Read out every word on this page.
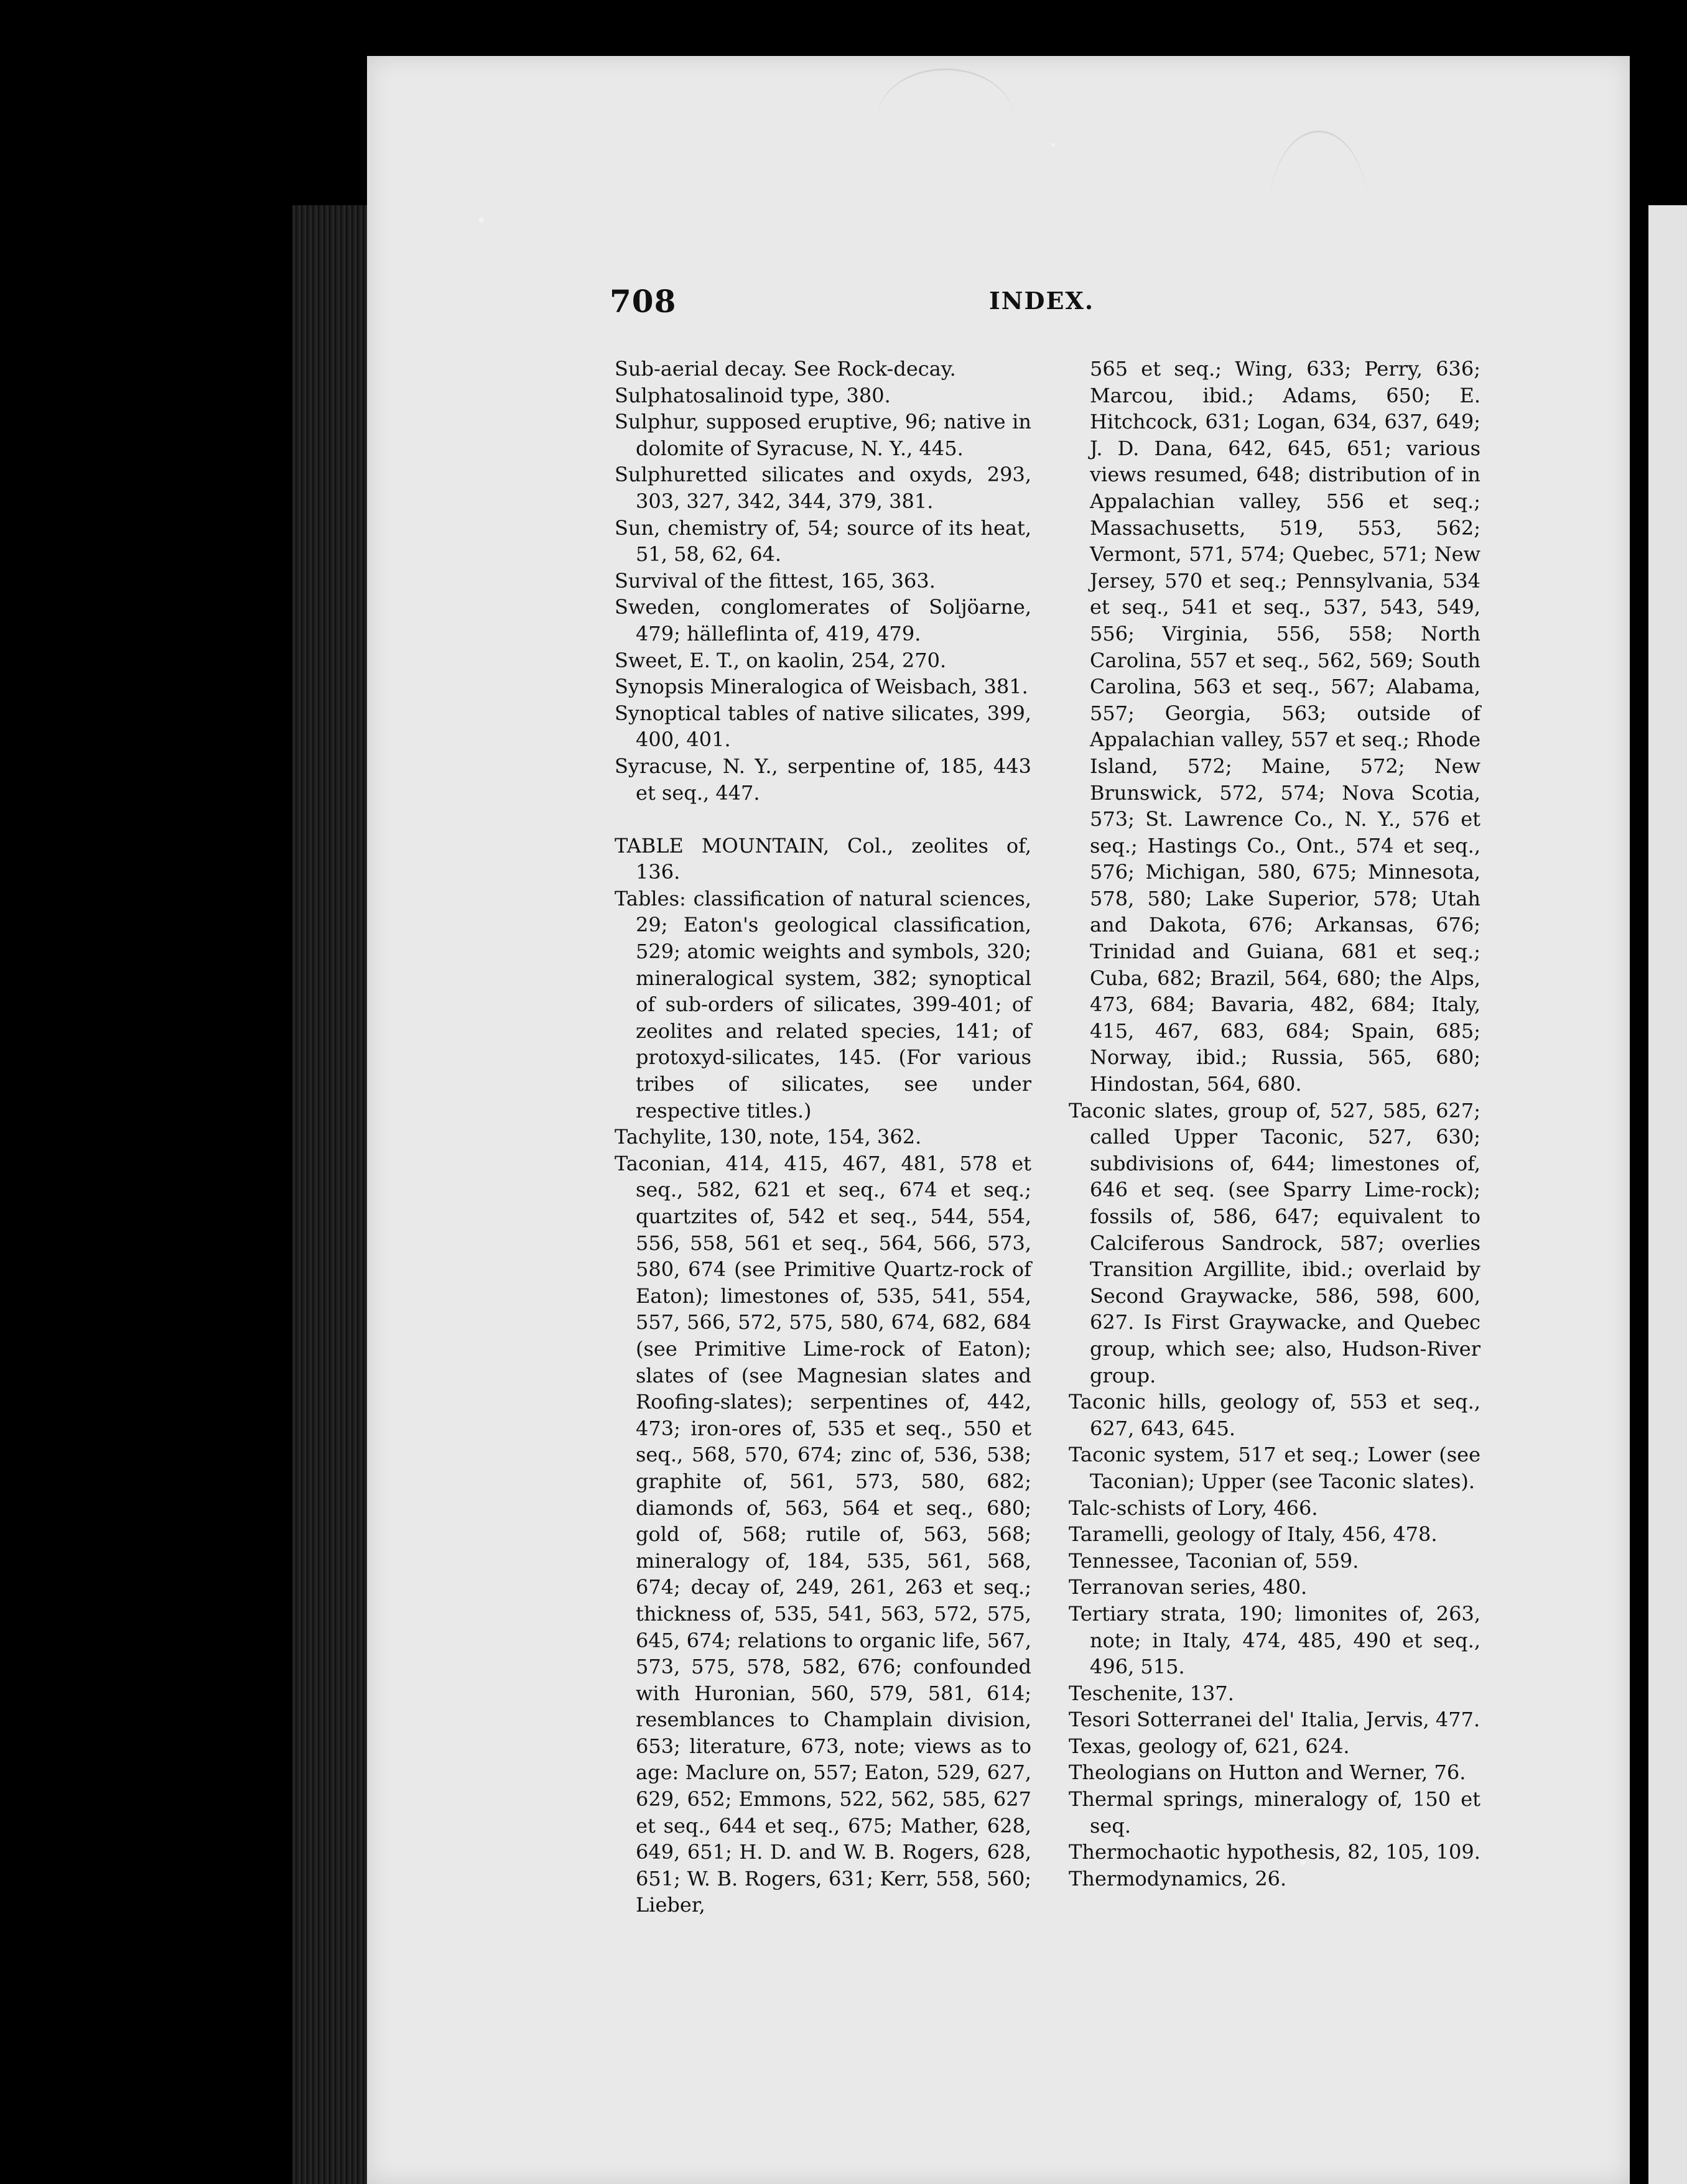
708	INDEX.

Sub-aerial decay. See Rock-decay.

Sulphatosalinoid type, 380.

Sulphur, supposed eruptive, 96; native in dolomite of Syracuse, N. Y., 445.

Sulphuretted silicates and oxyds, 293, 303, 327, 342, 344, 379, 381.

Sun, chemistry of, 54; source of its heat, 51, 58, 62, 64.

Survival of the fittest, 165, 363.

Sweden, conglomerates of Soljöarne, 479; hälleflinta of, 419, 479.

Sweet, E. T., on kaolin, 254, 270.

Synopsis Mineralogica of Weisbach, 381.

Synoptical tables of native silicates, 399, 400, 401.

Syracuse, N. Y., serpentine of, 185, 443 et seq., 447.

TABLE MOUNTAIN, Col., zeolites of, 136.

Tables: classification of natural sciences, 29; Eaton's geological classification, 529; atomic weights and symbols, 320; mineralogical system, 382; synoptical of sub-orders of silicates, 399-401; of zeolites and related species, 141; of protoxyd-silicates, 145. (For various tribes of silicates, see under respective titles.)

Tachylite, 130, note, 154, 362.

Taconian, 414, 415, 467, 481, 578 et seq., 582, 621 et seq., 674 et seq.; quartzites of, 542 et seq., 544, 554, 556, 558, 561 et seq., 564, 566, 573, 580, 674 (see Primitive Quartz-rock of Eaton); limestones of, 535, 541, 554, 557, 566, 572, 575, 580, 674, 682, 684 (see Primitive Lime-rock of Eaton); slates of (see Magnesian slates and Roofing-slates); serpentines of, 442, 473; iron-ores of, 535 et seq., 550 et seq., 568, 570, 674; zinc of, 536, 538; graphite of, 561, 573, 580, 682; diamonds of, 563, 564 et seq., 680; gold of, 568; rutile of, 563, 568; mineralogy of, 184, 535, 561, 568, 674; decay of, 249, 261, 263 et seq.; thickness of, 535, 541, 563, 572, 575, 645, 674; relations to organic life, 567, 573, 575, 578, 582, 676; confounded with Huronian, 560, 579, 581, 614; resemblances to Champlain division, 653; literature, 673, note; views as to age: Maclure on, 557; Eaton, 529, 627, 629, 652; Emmons, 522, 562, 585, 627 et seq., 644 et seq., 675; Mather, 628, 649, 651; H. D. and W. B. Rogers, 628, 651; W. B. Rogers, 631; Kerr, 558, 560; Lieber,

565 et seq.; Wing, 633; Perry, 636; Marcou, ibid.; Adams, 650; E. Hitchcock, 631; Logan, 634, 637, 649; J. D. Dana, 642, 645, 651; various views resumed, 648; distribution of in Appalachian valley, 556 et seq.; Massachusetts, 519, 553, 562; Vermont, 571, 574; Quebec, 571; New Jersey, 570 et seq.; Pennsylvania, 534 et seq., 541 et seq., 537, 543, 549, 556; Virginia, 556, 558; North Carolina, 557 et seq., 562, 569; South Carolina, 563 et seq., 567; Alabama, 557; Georgia, 563; outside of Appalachian valley, 557 et seq.; Rhode Island, 572; Maine, 572; New Brunswick, 572, 574; Nova Scotia, 573; St. Lawrence Co., N. Y., 576 et seq.; Hastings Co., Ont., 574 et seq., 576; Michigan, 580, 675; Minnesota, 578, 580; Lake Superior, 578; Utah and Dakota, 676; Arkansas, 676; Trinidad and Guiana, 681 et seq.; Cuba, 682; Brazil, 564, 680; the Alps, 473, 684; Bavaria, 482, 684; Italy, 415, 467, 683, 684; Spain, 685; Norway, ibid.; Russia, 565, 680; Hindostan, 564, 680.

Taconic slates, group of, 527, 585, 627; called Upper Taconic, 527, 630; subdivisions of, 644; limestones of, 646 et seq. (see Sparry Lime-rock); fossils of, 586, 647; equivalent to Calciferous Sandrock, 587; overlies Transition Argillite, ibid.; overlaid by Second Graywacke, 586, 598, 600, 627. Is First Graywacke, and Quebec group, which see; also, Hudson-River group.

Taconic hills, geology of, 553 et seq., 627, 643, 645.

Taconic system, 517 et seq.; Lower (see Taconian); Upper (see Taconic slates).

Talc-schists of Lory, 466.

Taramelli, geology of Italy, 456, 478.

Tennessee, Taconian of, 559.

Terranovan series, 480.

Tertiary strata, 190; limonites of, 263, note; in Italy, 474, 485, 490 et seq., 496, 515.

Teschenite, 137.

Tesori Sotterranei del' Italia, Jervis, 477.

Texas, geology of, 621, 624.

Theologians on Hutton and Werner, 76.

Thermal springs, mineralogy of, 150 et seq.

Thermochaotic hypothesis, 82, 105, 109.

Thermodynamics, 26.
